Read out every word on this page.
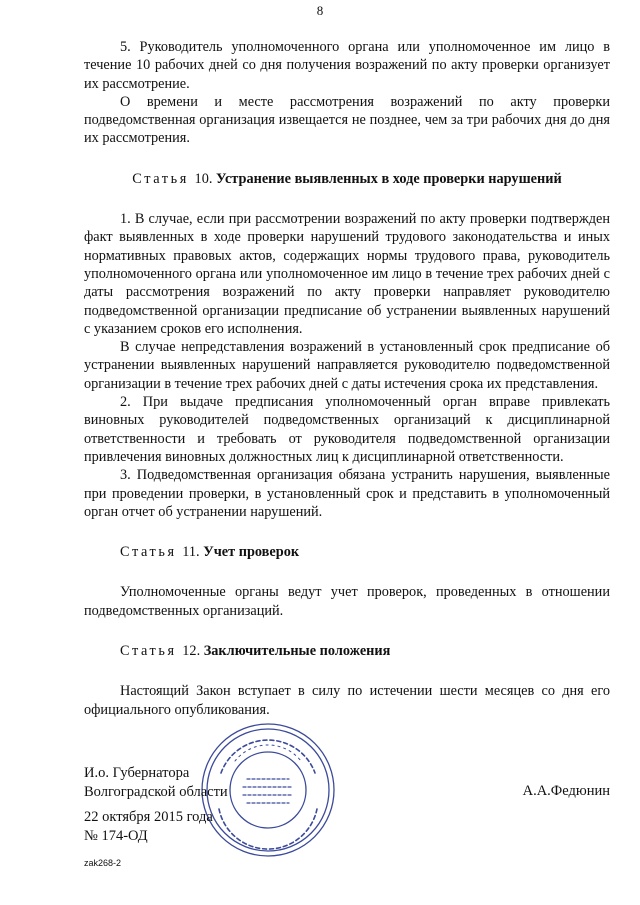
8

5. Руководитель уполномоченного органа или уполномоченное им лицо в течение 10 рабочих дней со дня получения возражений по акту проверки организует их рассмотрение.

О времени и месте рассмотрения возражений по акту проверки подведомственная организация извещается не позднее, чем за три рабочих дня до дня их рассмотрения.

Статья 10. Устранение выявленных в ходе проверки нарушений

1. В случае, если при рассмотрении возражений по акту проверки подтвержден факт выявленных в ходе проверки нарушений трудового законодательства и иных нормативных правовых актов, содержащих нормы трудового права, руководитель уполномоченного органа или уполномоченное им лицо в течение трех рабочих дней с даты рассмотрения возражений по акту проверки направляет руководителю подведомственной организации предписание об устранении выявленных нарушений с указанием сроков его исполнения.

В случае непредставления возражений в установленный срок предписание об устранении выявленных нарушений направляется руководителю подведомственной организации в течение трех рабочих дней с даты истечения срока их представления.

2. При выдаче предписания уполномоченный орган вправе привлекать виновных руководителей подведомственных организаций к дисциплинарной ответственности и требовать от руководителя подведомственной организации привлечения виновных должностных лиц к дисциплинарной ответственности.

3. Подведомственная организация обязана устранить нарушения, выявленные при проведении проверки, в установленный срок и представить в уполномоченный орган отчет об устранении нарушений.

Статья 11. Учет проверок

Уполномоченные органы ведут учет проверок, проведенных в отношении подведомственных организаций.

Статья 12. Заключительные положения

Настоящий Закон вступает в силу по истечении шести месяцев со дня его официального опубликования.

И.о. Губернатора

Волгоградской области	А.А.Федюнин
22 октября 2015 года
№ 174-ОД
zak268-2
